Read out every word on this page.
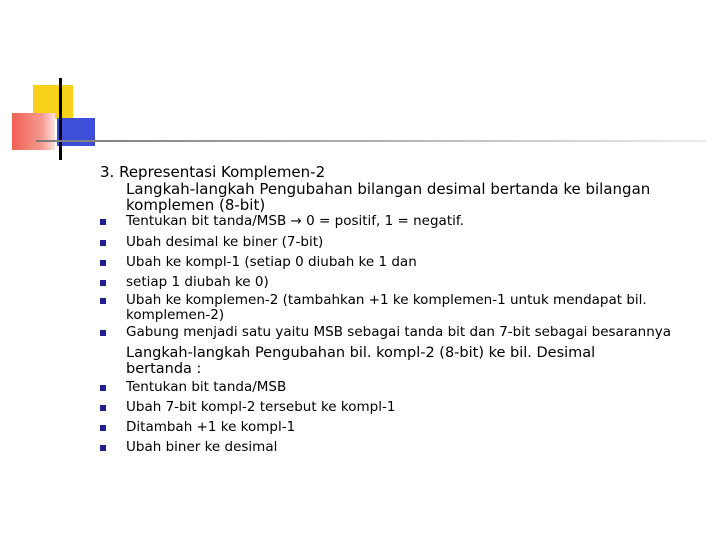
3. Representasi Komplemen-2
Langkah-langkah Pengubahan bilangan desimal bertanda ke bilangan
komplemen (8-bit)
Tentukan bit tanda/MSB → 0 = positif, 1 = negatif.
Ubah desimal ke biner (7-bit)
Ubah ke kompl-1 (setiap 0 diubah ke 1 dan
setiap 1 diubah ke 0)
Ubah ke komplemen-2 (tambahkan +1 ke komplemen-1 untuk mendapat bil.
komplemen-2)
Gabung menjadi satu yaitu MSB sebagai tanda bit dan 7-bit sebagai besarannya
Langkah-langkah Pengubahan bil. kompl-2 (8-bit) ke bil. Desimal
bertanda :
Tentukan bit tanda/MSB
Ubah 7-bit kompl-2 tersebut ke kompl-1
Ditambah +1 ke kompl-1
Ubah biner ke desimal
